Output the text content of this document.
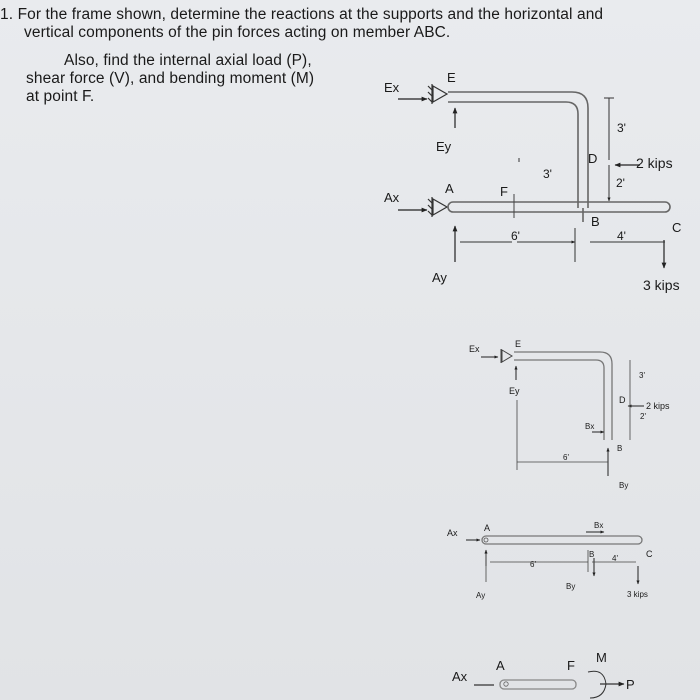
1. For the frame shown, determine the reactions at the supports and the horizontal and
vertical components of the pin forces acting on member ABC.
Also, find the internal axial load (P),
shear force (V), and bending moment (M)
at point F.
Ex
E
Ey
Ax
A	F
D
B	C
3'
3'
2'
6'	4'
2 kips
3 kips
Ay
Ex	E
Ey
D
Bx
B
By
3'
2'
6'
2 kips
Ax	A
Ay
Bx
B
By
C
6'
4'
3 kips
Ax
A	F
M
P
